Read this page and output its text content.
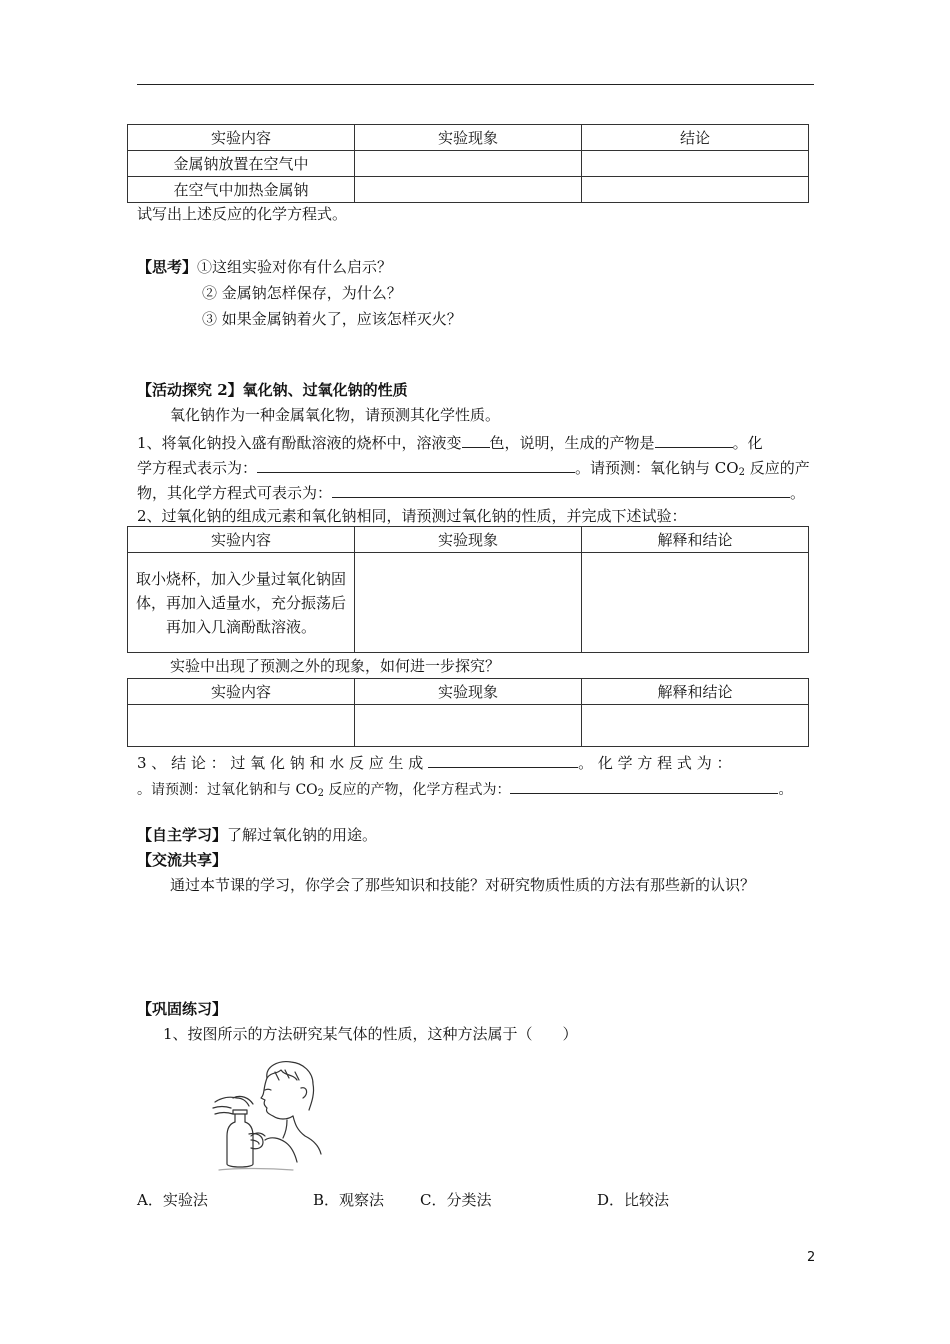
实验内容	实验现象	结论
金属钠放置在空气中		
在空气中加热金属钠		
试写出上述反应的化学方程式。
【思考】①这组实验对你有什么启示？
② 金属钠怎样保存，为什么？
③ 如果金属钠着火了，应该怎样灭火？
【活动探究 2】氧化钠、过氧化钠的性质
氧化钠作为一种金属氧化物，请预测其化学性质。
1、将氧化钠投入盛有酚酞溶液的烧杯中，溶液变 色，说明，生成的产物是	。化
学方程式表示为：	。请预测：氧化钠与 $CO_2$ 反应的产
物，其化学方程式可表示为：	。
2、过氧化钠的组成元素和氧化钠相同，请预测过氧化钠的性质，并完成下述试验：
实验内容	实验现象	解释和结论
取小烧杯，加入少量过氧化钠固体，再加入适量水，充分振荡后再加入几滴酚酞溶液。		
实验中出现了预测之外的现象，如何进一步探究？
实验内容	实验现象	解释和结论

3 、 结 论 ： 过 氧 化 钠 和 水 反 应 生 成	。 化 学 方 程 式 为 ：
。请预测：过氧化钠和与 $CO_2$ 反应的产物，化学方程式为：	。
【自主学习】了解过氧化钠的用途。
【交流共享】
通过本节课的学习，你学会了那些知识和技能？对研究物质性质的方法有那些新的认识？
【巩固练习】
1、按图所示的方法研究某气体的性质，这种方法属于（　　）
A．实验法	B．观察法 C．分类法	D．比较法
2
